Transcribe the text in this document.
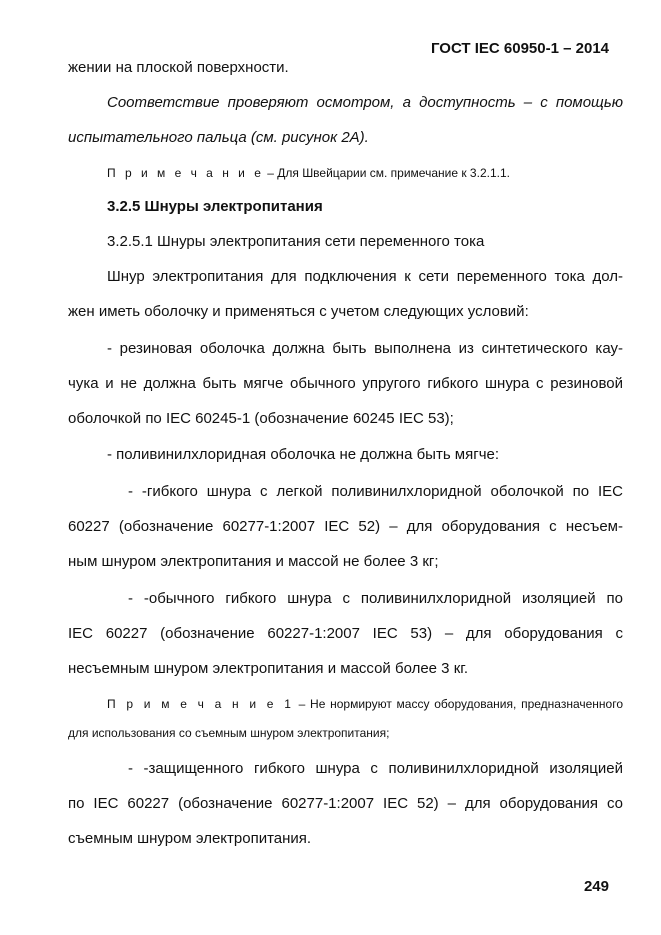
ГОСТ IEC 60950-1 – 2014
жении на плоской поверхности.
Соответствие проверяют осмотром, а доступность – с помощью
испытательного пальца (см. рисунок 2А).
П р и м е ч а н и е – Для Швейцарии см. примечание к 3.2.1.1.
3.2.5 Шнуры электропитания
3.2.5.1 Шнуры электропитания сети переменного тока
Шнур электропитания для подключения к сети переменного тока дол-
жен иметь оболочку и применяться с учетом следующих условий:
- резиновая оболочка должна быть выполнена из синтетического кау-
чука и не должна быть мягче обычного упругого гибкого шнура с резиновой
оболочкой по IEC 60245-1 (обозначение 60245 IEC 53);
- поливинилхлоридная оболочка не должна быть мягче:
- -гибкого шнура с легкой поливинилхлоридной оболочкой по IEC
60227 (обозначение 60277-1:2007 IEC 52) – для оборудования с несъем-
ным шнуром электропитания и массой не более 3 кг;
- -обычного гибкого шнура с поливинилхлоридной изоляцией по
IEC 60227 (обозначение 60227-1:2007 IEC 53) – для оборудования с
несъемным шнуром электропитания и массой более 3 кг.
П р и м е ч а н и е 1 – Не нормируют массу оборудования, предназначенного
для использования со съемным шнуром электропитания;
- -защищенного гибкого шнура с поливинилхлоридной изоляцией
по IEC 60227 (обозначение 60277-1:2007 IEC 52) – для оборудования со
съемным шнуром электропитания.
249
